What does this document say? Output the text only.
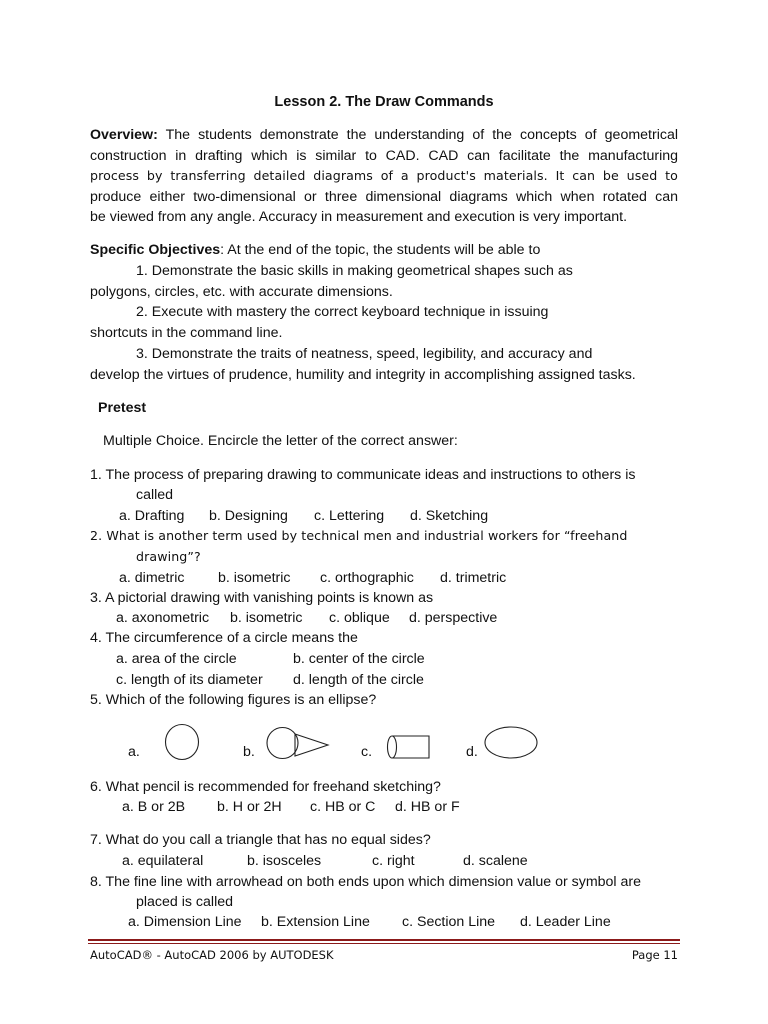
Lesson 2. The Draw Commands
Overview: The students demonstrate the understanding of the concepts of geometrical
construction in drafting which is similar to CAD. CAD can facilitate the manufacturing
process by transferring detailed diagrams of a product's materials. It can be used to
produce either two-dimensional or three dimensional diagrams which when rotated can
be viewed from any angle. Accuracy in measurement and execution is very important.
Specific Objectives: At the end of the topic, the students will be able to
1. Demonstrate the basic skills in making geometrical shapes such as
polygons, circles, etc. with accurate dimensions.
2. Execute with mastery the correct keyboard technique in issuing
shortcuts in the command line.
3. Demonstrate the traits of neatness, speed, legibility, and accuracy and
develop the virtues of prudence, humility and integrity in accomplishing assigned tasks.
Pretest
Multiple Choice. Encircle the letter of the correct answer:
1. The process of preparing drawing to communicate ideas and instructions to others is
called
a. Drafting b. Designing c. Lettering d. Sketching
2. What is another term used by technical men and industrial workers for “freehand
drawing”?
a. dimetric b. isometric c. orthographic d. trimetric
3. A pictorial drawing with vanishing points is known as
a. axonometric b. isometric c. oblique d. perspective
4. The circumference of a circle means the
a. area of the circle	b. center of the circle
c. length of its diameter d. length of the circle
5. Which of the following figures is an ellipse?
a.	b.	c.	d.
6. What pencil is recommended for freehand sketching?
a. B or 2B b. H or 2H c. HB or C d. HB or F
7. What do you call a triangle that has no equal sides?
a. equilateral	b. isosceles	c. right	d. scalene
8. The fine line with arrowhead on both ends upon which dimension value or symbol are
placed is called
a. Dimension Line b. Extension Line c. Section Line d. Leader Line
AutoCAD® - AutoCAD 2006 by AUTODESK	Page 11
